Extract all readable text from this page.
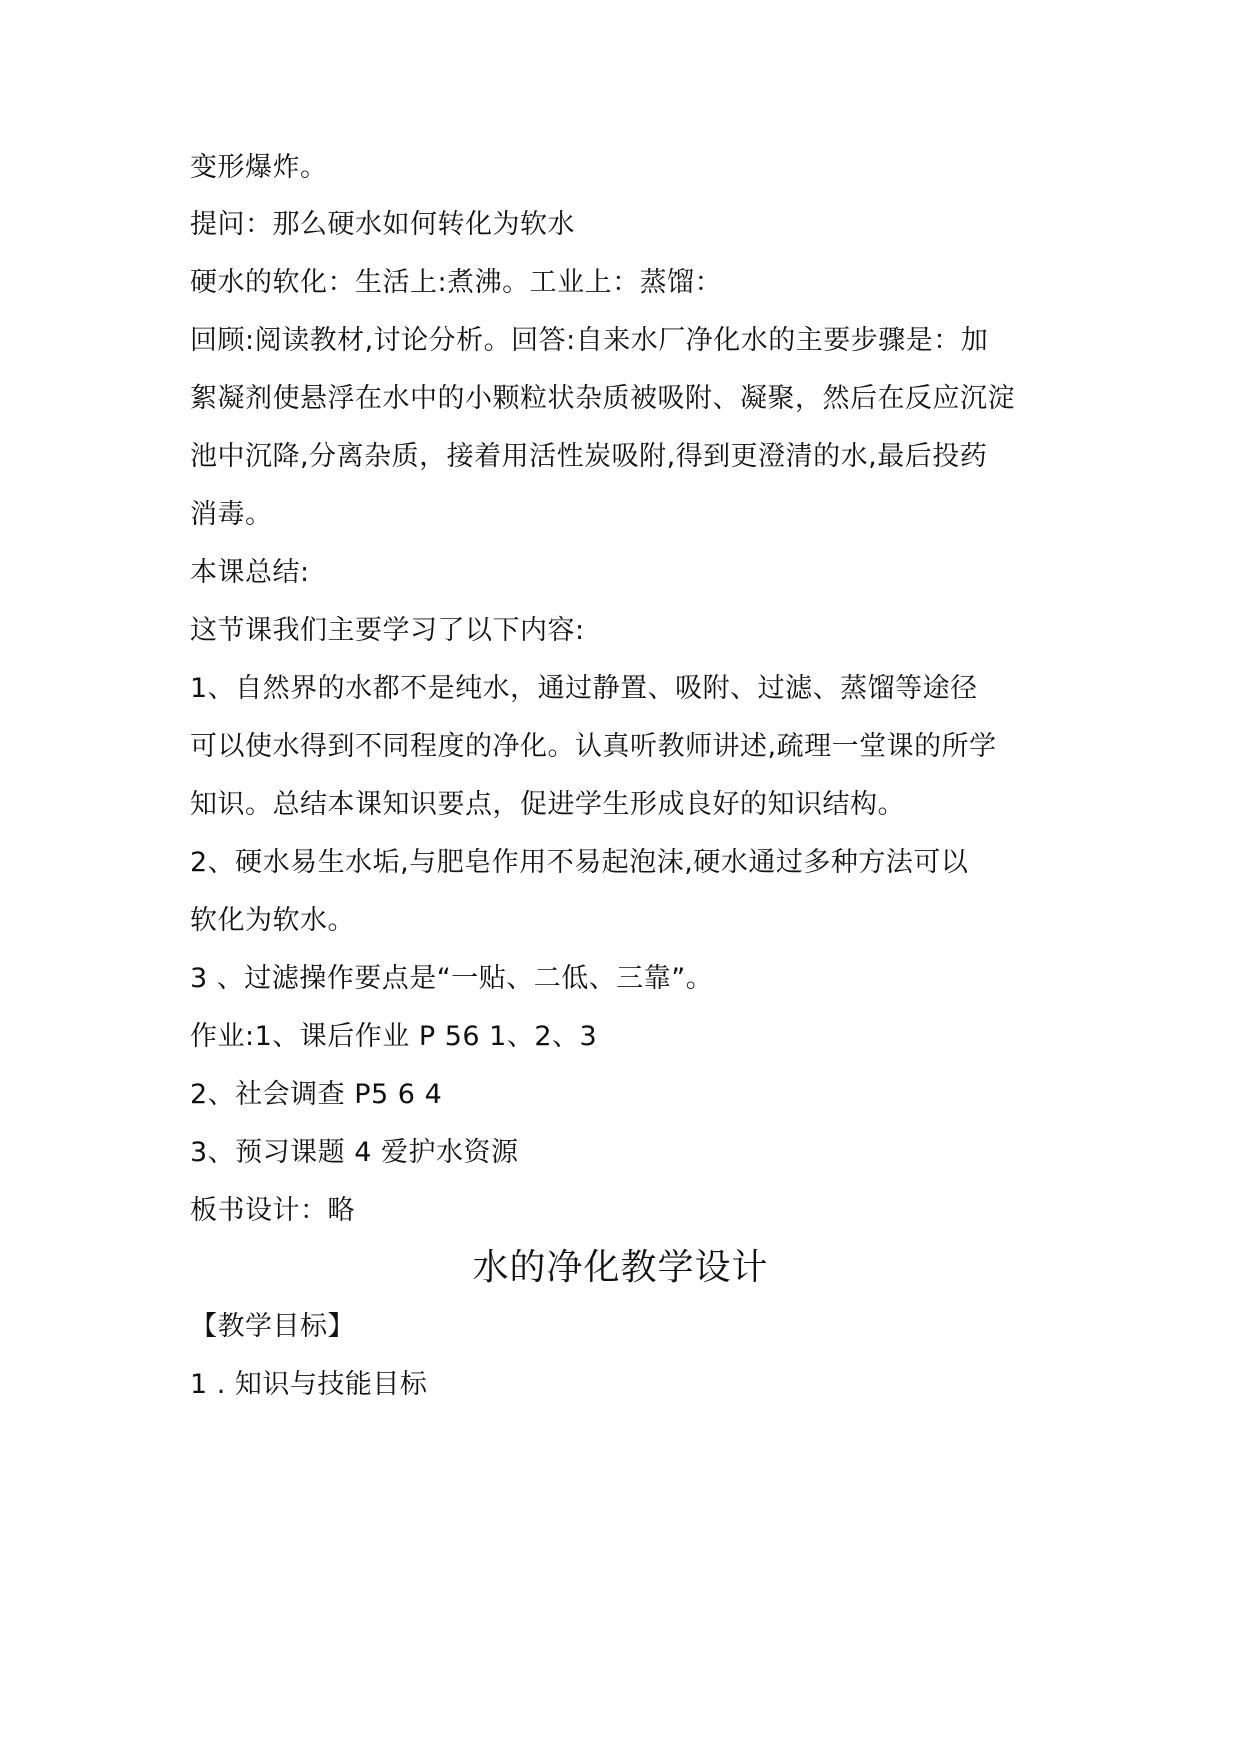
变形爆炸。
提问：那么硬水如何转化为软水
硬水的软化：生活上:煮沸。工业上：蒸馏：
回顾:阅读教材,讨论分析。回答:自来水厂净化水的主要步骤是：加
絮凝剂使悬浮在水中的小颗粒状杂质被吸附、凝聚，然后在反应沉淀
池中沉降,分离杂质，接着用活性炭吸附,得到更澄清的水,最后投药
消毒。
本课总结:
这节课我们主要学习了以下内容:
1、自然界的水都不是纯水，通过静置、吸附、过滤、蒸馏等途径
可以使水得到不同程度的净化。认真听教师讲述,疏理一堂课的所学
知识。总结本课知识要点，促进学生形成良好的知识结构。
2、硬水易生水垢,与肥皂作用不易起泡沫,硬水通过多种方法可以
软化为软水。
3 、过滤操作要点是“一贴、二低、三靠”。
作业:1、课后作业 P 56 1、2、3
2、社会调查 P5 6 4
3、预习课题 4 爱护水资源
板书设计：略
水的净化教学设计
【教学目标】
1 . 知识与技能目标
